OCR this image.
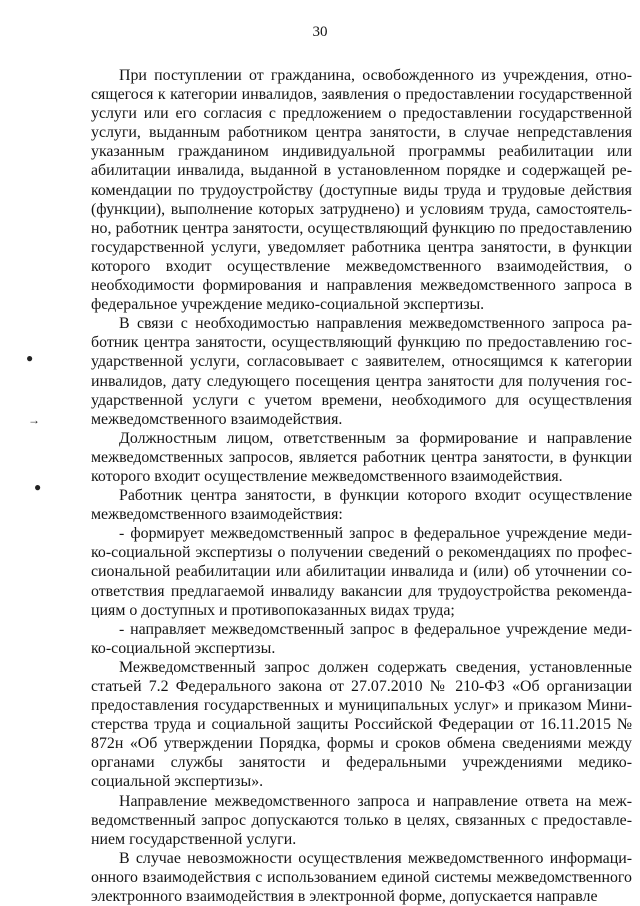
30
●
→
●

При поступлении от гражданина, освобожденного из учреждения, относящегося к категории инвалидов, заявления о предоставлении государственной услуги или его согласия с предложением о предоставлении государственной услуги, выданным работником центра занятости, в случае непредставления указанным гражданином индивидуальной программы реабилитации или абилитации инвалида, выданной в установленном порядке и содержащей рекомендации по трудоустройству (доступные виды труда и трудовые действия (функции), выполнение которых затруднено) и условиям труда, самостоятельно, работник центра занятости, осуществляющий функцию по предоставлению государственной услуги, уведомляет работника центра занятости, в функции которого входит осуществление межведомственного взаимодействия, о необходимости формирования и направления межведомственного запроса в федеральное учреждение медико-социальной экспертизы.

В связи с необходимостью направления межведомственного запроса работник центра занятости, осуществляющий функцию по предоставлению государственной услуги, согласовывает с заявителем, относящимся к категории инвалидов, дату следующего посещения центра занятости для получения государственной услуги с учетом времени, необходимого для осуществления межведомственного взаимодействия.

Должностным лицом, ответственным за формирование и направление межведомственных запросов, является работник центра занятости, в функции которого входит осуществление межведомственного взаимодействия.

Работник центра занятости, в функции которого входит осуществление межведомственного взаимодействия:

- формирует межведомственный запрос в федеральное учреждение медико-социальной экспертизы о получении сведений о рекомендациях по профессиональной реабилитации или абилитации инвалида и (или) об уточнении соответствия предлагаемой инвалиду вакансии для трудоустройства рекомендациям о доступных и противопоказанных видах труда;

- направляет межведомственный запрос в федеральное учреждение медико-социальной экспертизы.

Межведомственный запрос должен содержать сведения, установленные статьей 7.2 Федерального закона от 27.07.2010 № 210-ФЗ «Об организации предоставления государственных и муниципальных услуг» и приказом Министерства труда и социальной защиты Российской Федерации от 16.11.2015 № 872н «Об утверждении Порядка, формы и сроков обмена сведениями между органами службы занятости и федеральными учреждениями медико-социальной экспертизы».

Направление межведомственного запроса и направление ответа на межведомственный запрос допускаются только в целях, связанных с предоставлением государственной услуги.

В случае невозможности осуществления межведомственного информационного взаимодействия с использованием единой системы межведомственного электронного взаимодействия в электронной форме, допускается направле
